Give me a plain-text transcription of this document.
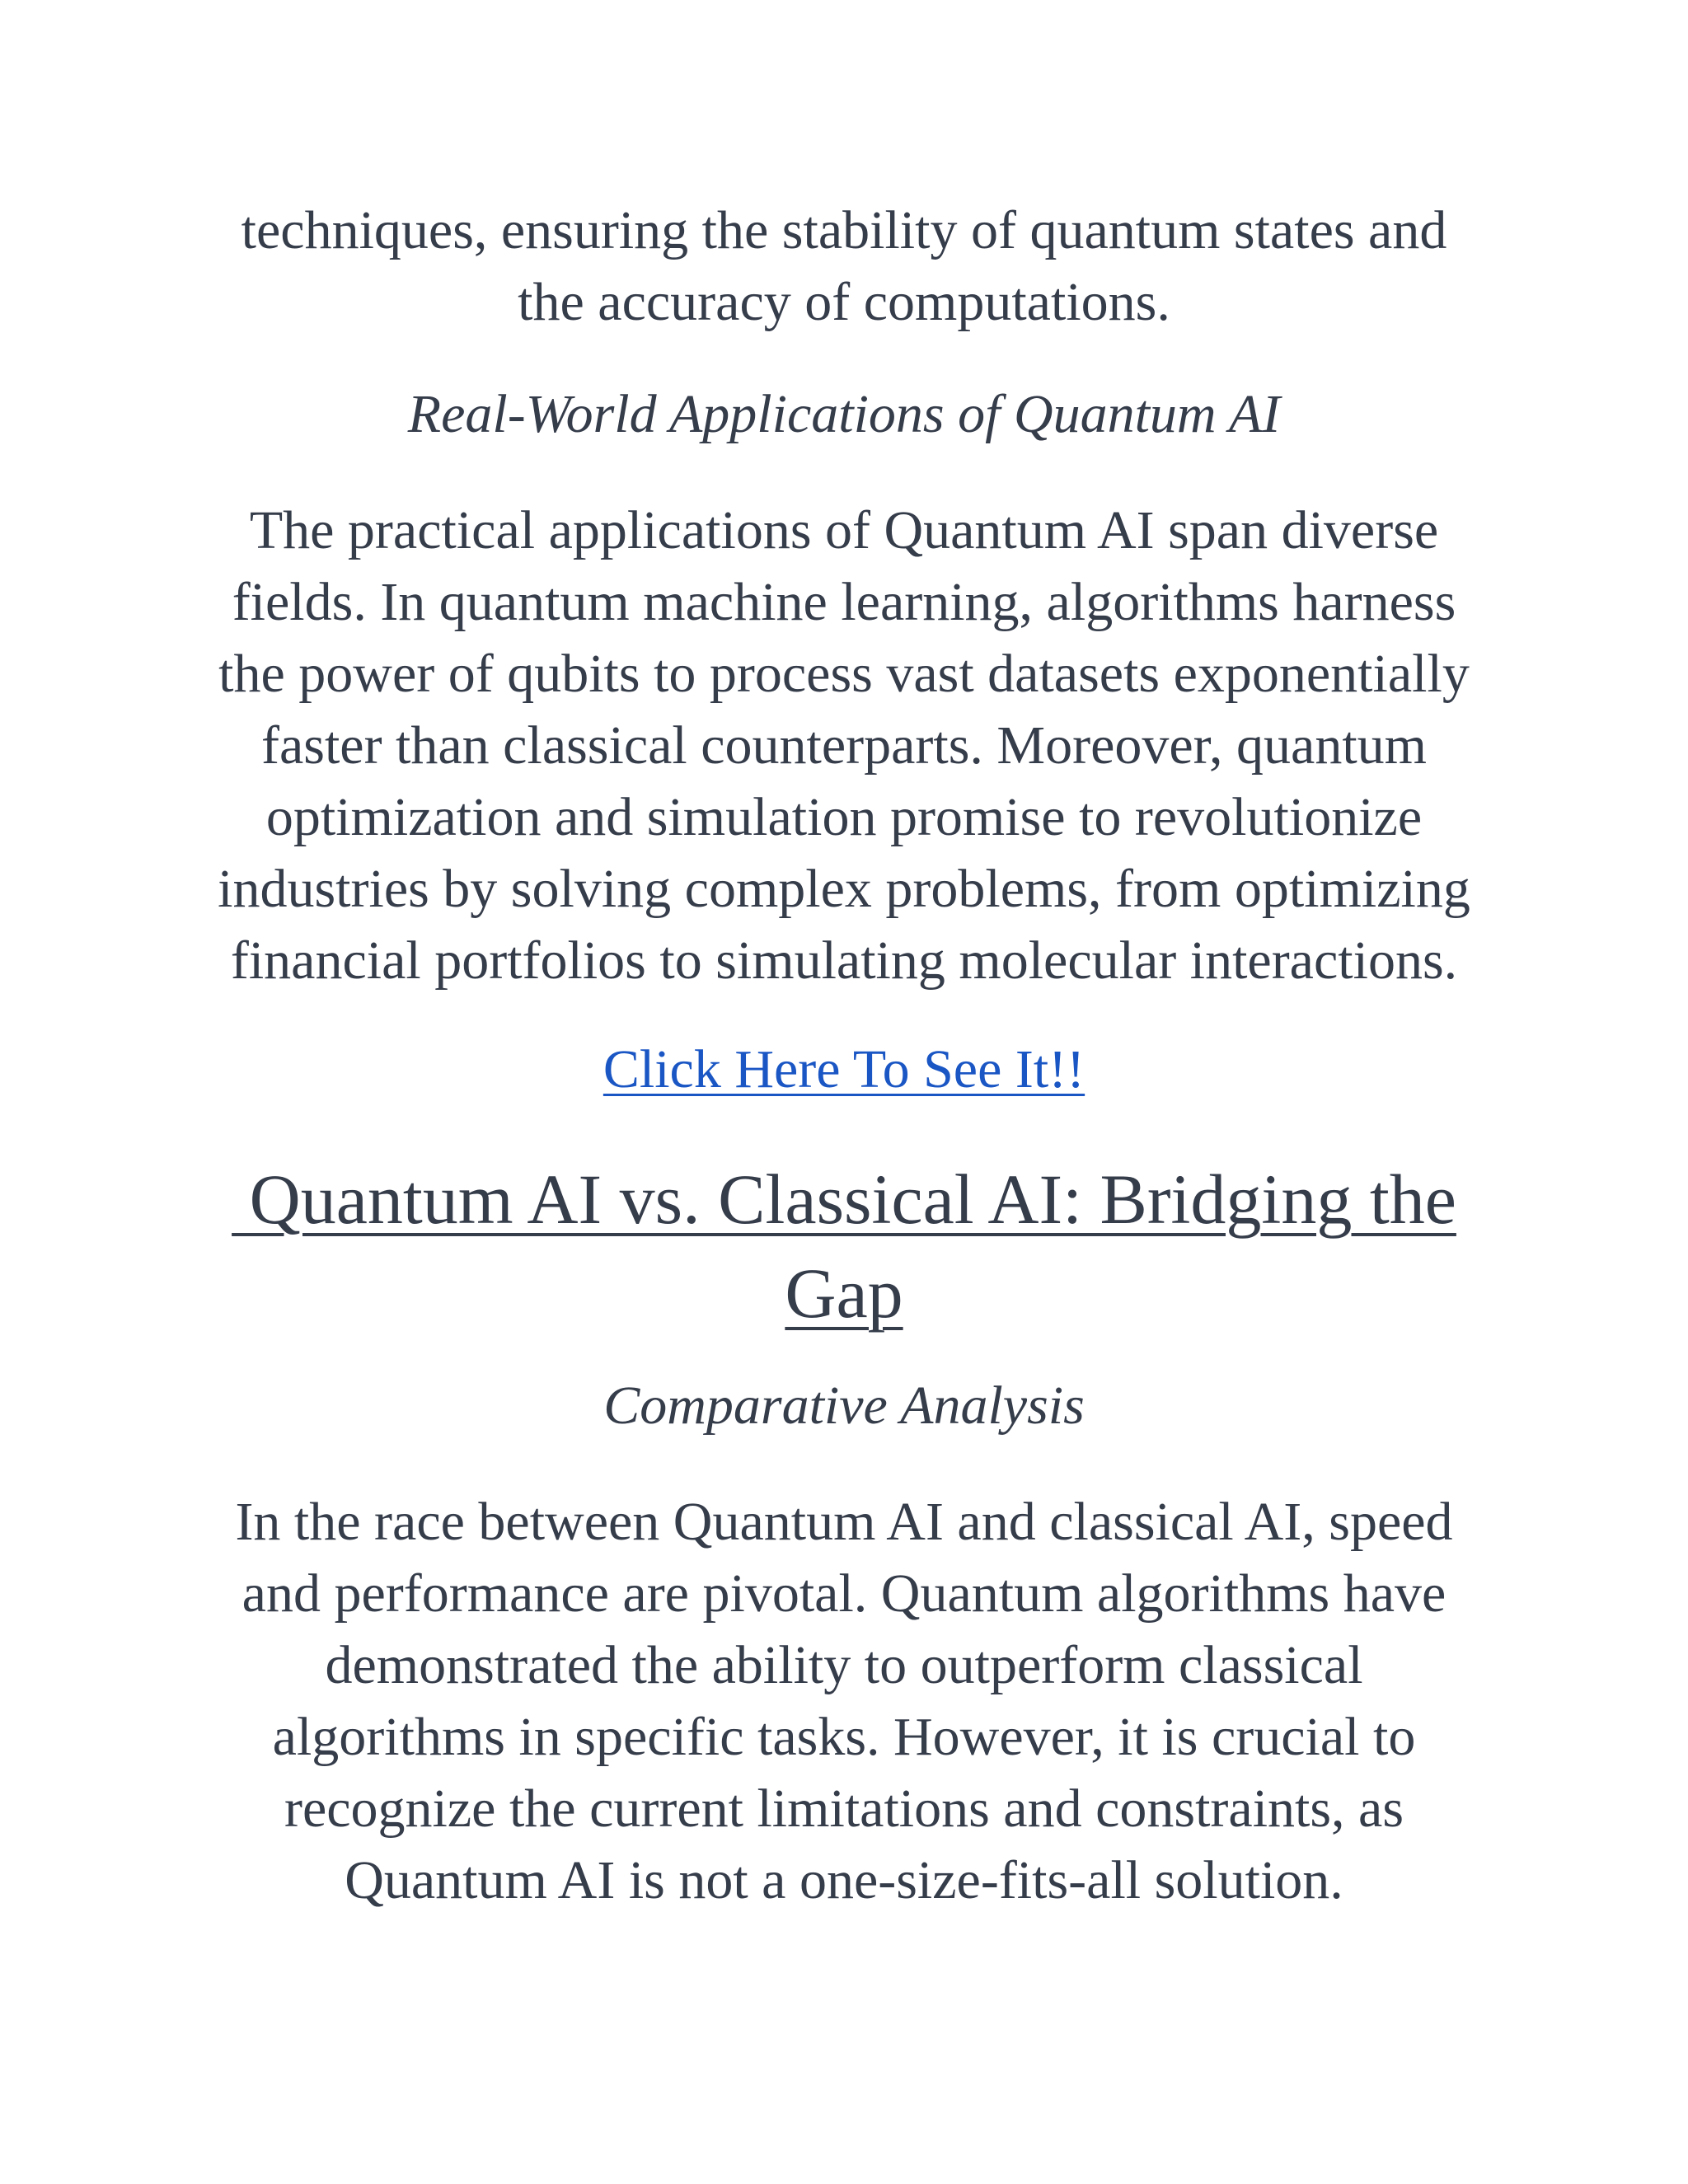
techniques, ensuring the stability of quantum states and
the accuracy of computations.
Real-World Applications of Quantum AI
The practical applications of Quantum AI span diverse
fields. In quantum machine learning, algorithms harness
the power of qubits to process vast datasets exponentially
faster than classical counterparts. Moreover, quantum
optimization and simulation promise to revolutionize
industries by solving complex problems, from optimizing
financial portfolios to simulating molecular interactions.
Click Here To See It!!
Quantum AI vs. Classical AI: Bridging the
Gap
Comparative Analysis
In the race between Quantum AI and classical AI, speed
and performance are pivotal. Quantum algorithms have
demonstrated the ability to outperform classical
algorithms in specific tasks. However, it is crucial to
recognize the current limitations and constraints, as
Quantum AI is not a one-size-fits-all solution.
